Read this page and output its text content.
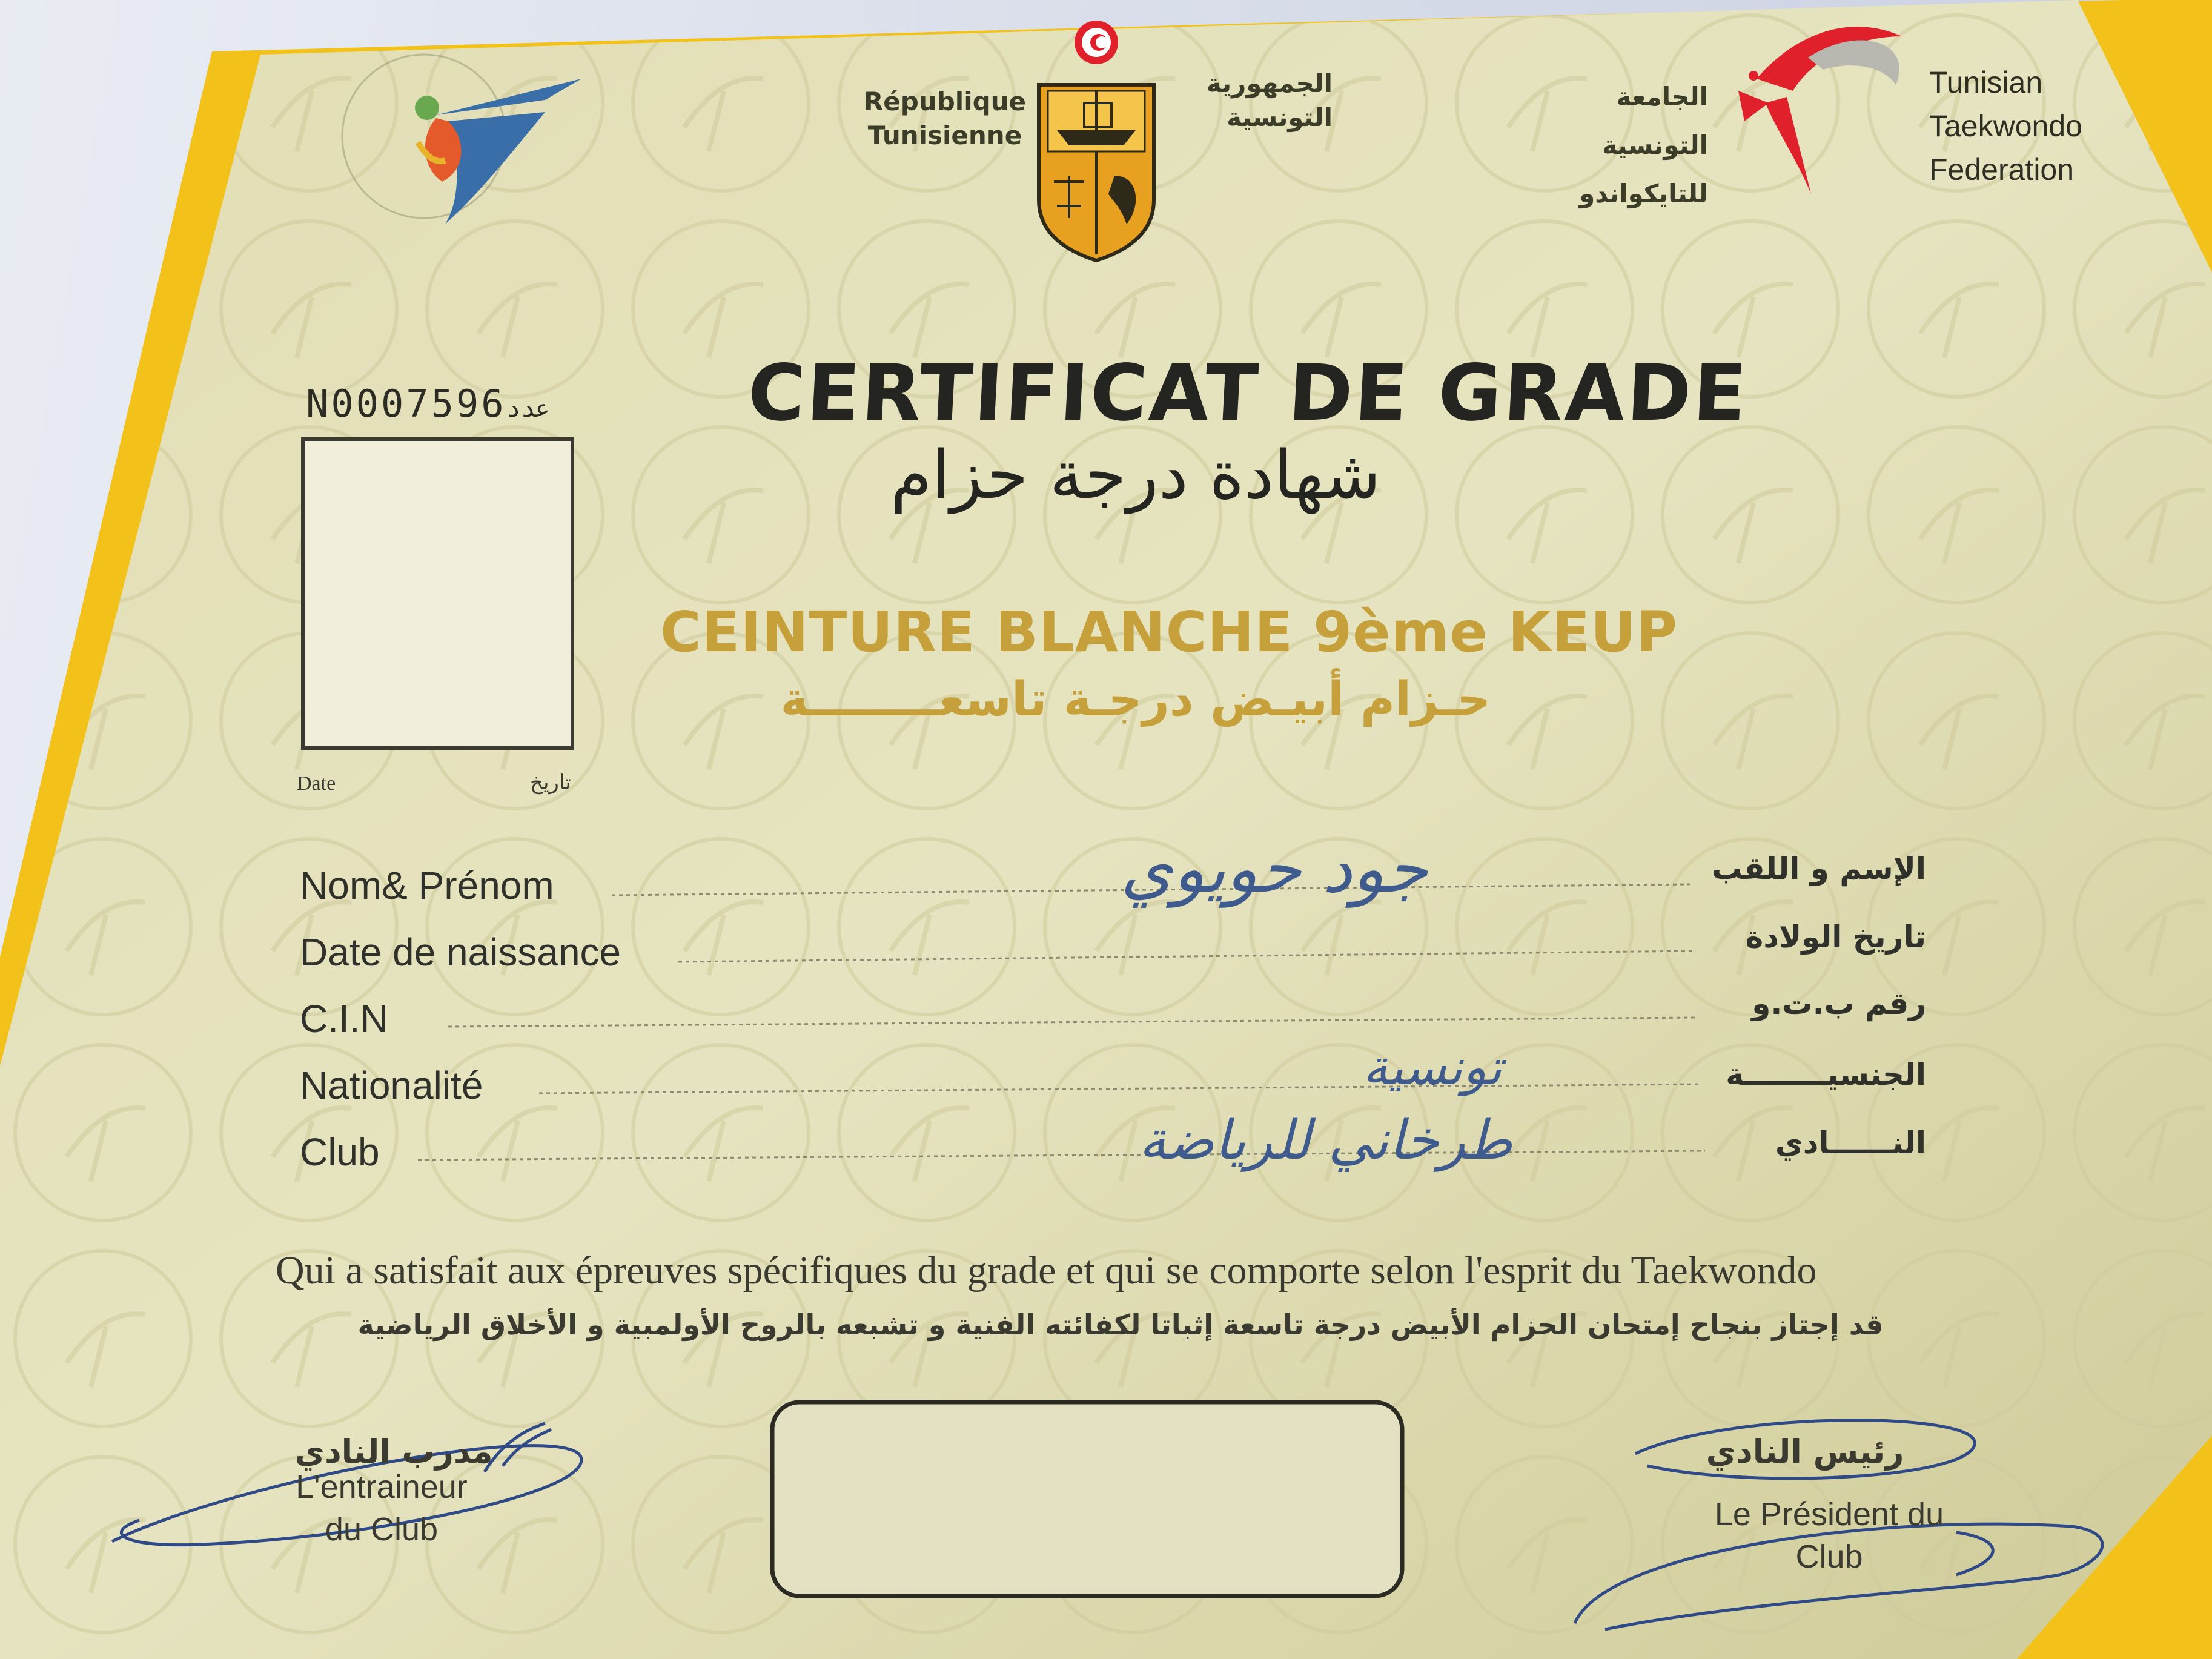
République
Tunisienne
الجمهورية
التونسية
الجامعة
التونسية
للتايكواندو
Tunisian
Taekwondo
Federation
N0007596عدد	CERTIFICAT DE GRADE
شهادة درجة حزام
CEINTURE BLANCHE 9ème KEUP
حـزام أبيـض درجـة تاسعــــــــة
Date	تاريخ
Nom& Prénom
Date de naissance
C.I.N
Nationalité
Club
الإسم و اللقب
تاريخ الولادة
رقم ب.ت.و
الجنسيــــــــة
النــــــادي
جود حويوي
تونسية
طرخاني للرياضة
Qui a satisfait aux épreuves spécifiques du grade et qui se comporte selon l'esprit du Taekwondo
قد إجتاز بنجاح إمتحان الحزام الأبيض درجة تاسعة إثباتا لكفائته الفنية و تشبعه بالروح الأولمبية و الأخلاق الرياضية
مدرب النادي
L'entraineur
du Club
رئيس النادي
Le Président du
Club
